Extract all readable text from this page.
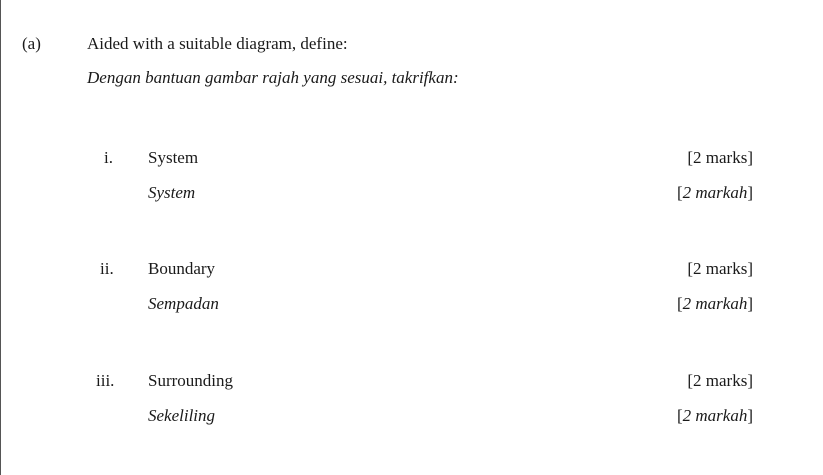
(a)	Aided with a suitable diagram, define:
Dengan bantuan gambar rajah yang sesuai, takrifkan:
i. System	[2 marks]
System	[2 markah]
ii. Boundary	[2 marks]
Sempadan	[2 markah]
iii. Surrounding	[2 marks]
Sekeliling	[2 markah]
